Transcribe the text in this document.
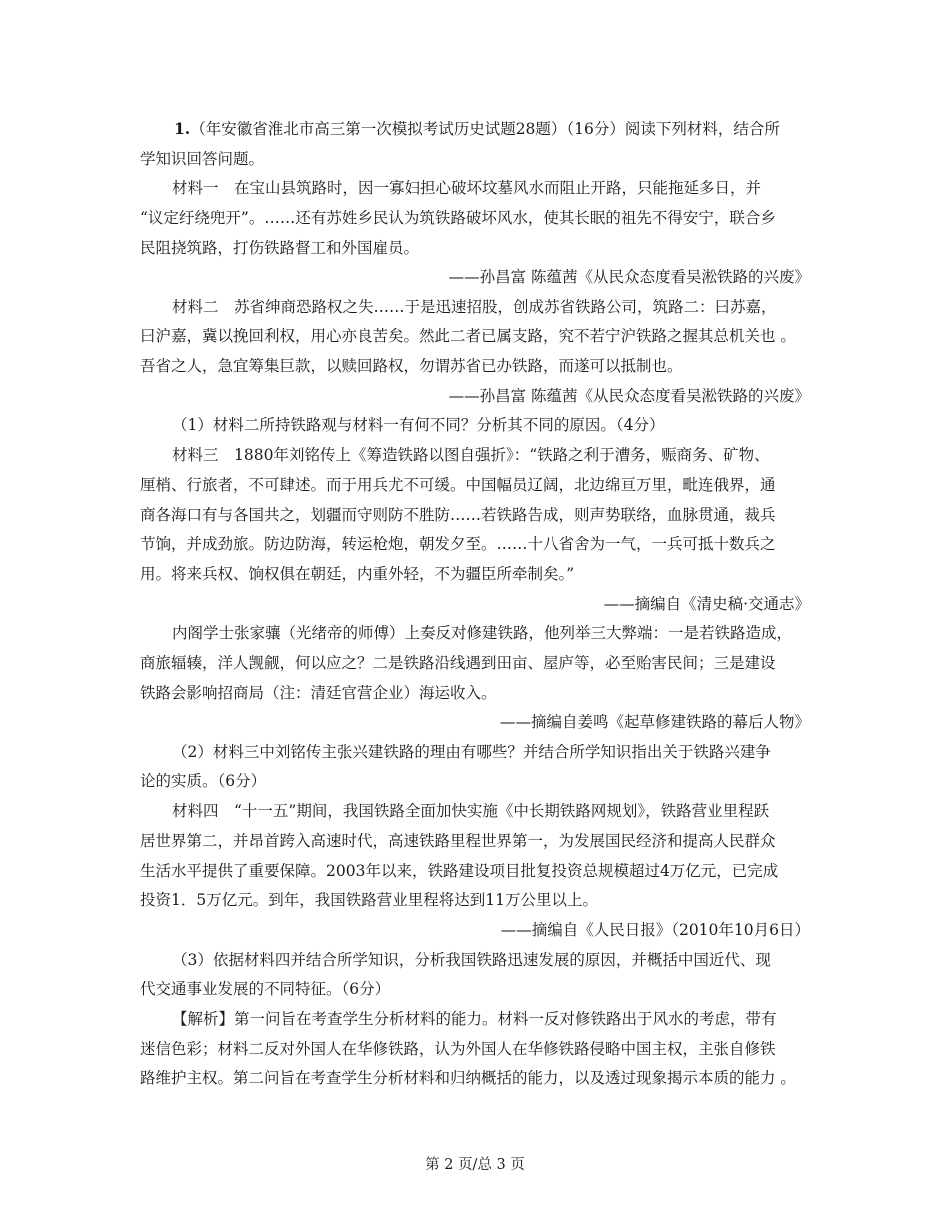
1.（年安徽省淮北市高三第一次模拟考试历史试题28题）（16分）阅读下列材料，结合所
学知识回答问题。
材料一　在宝山县筑路时，因一寡妇担心破坏坟墓风水而阻止开路，只能拖延多日，并
“议定纡绕兜开”。……还有苏姓乡民认为筑铁路破坏风水，使其长眠的祖先不得安宁，联合乡
民阻挠筑路，打伤铁路督工和外国雇员。
——孙昌富 陈蕴茜《从民众态度看吴淞铁路的兴废》
材料二　苏省绅商恐路权之失……于是迅速招股，创成苏省铁路公司，筑路二：曰苏嘉，
曰沪嘉，冀以挽回利权，用心亦良苦矣。然此二者已属支路，究不若宁沪铁路之握其总机关也 。
吾省之人，急宜筹集巨款，以赎回路权，勿谓苏省已办铁路，而遂可以抵制也。
——孙昌富 陈蕴茜《从民众态度看吴淞铁路的兴废》
（1）材料二所持铁路观与材料一有何不同？分析其不同的原因。（4分）
材料三　1880年刘铭传上《筹造铁路以图自强折》：“铁路之利于漕务，赈商务、矿物、
厘梢、行旅者，不可肆述。而于用兵尤不可缓。中国幅员辽阔，北边绵亘万里，毗连俄界，通
商各海口有与各国共之，划疆而守则防不胜防……若铁路告成，则声势联络，血脉贯通，裁兵
节饷，并成劲旅。防边防海，转运枪炮，朝发夕至。……十八省舍为一气，一兵可抵十数兵之
用。将来兵权、饷权俱在朝廷，内重外轻，不为疆臣所牵制矣。”
——摘编自《清史稿·交通志》
内阁学士张家骧（光绪帝的师傅）上奏反对修建铁路，他列举三大弊端：一是若铁路造成，
商旅辐辏，洋人觊觎，何以应之？二是铁路沿线遇到田亩、屋庐等，必至贻害民间；三是建设
铁路会影响招商局（注：清廷官营企业）海运收入。
——摘编自姜鸣《起草修建铁路的幕后人物》
（2）材料三中刘铭传主张兴建铁路的理由有哪些？并结合所学知识指出关于铁路兴建争
论的实质。（6分）
材料四　“十一五”期间，我国铁路全面加快实施《中长期铁路网规划》，铁路营业里程跃
居世界第二，并昂首跨入高速时代，高速铁路里程世界第一，为发展国民经济和提高人民群众
生活水平提供了重要保障。2003年以来，铁路建设项目批复投资总规模超过4万亿元，已完成
投资1．5万亿元。到年，我国铁路营业里程将达到11万公里以上。
——摘编自《人民日报》（2010年10月6日）
（3）依据材料四并结合所学知识，分析我国铁路迅速发展的原因，并概括中国近代、现
代交通事业发展的不同特征。（6分）
【解析】第一问旨在考查学生分析材料的能力。材料一反对修铁路出于风水的考虑，带有
迷信色彩；材料二反对外国人在华修铁路，认为外国人在华修铁路侵略中国主权，主张自修铁
路维护主权。第二问旨在考查学生分析材料和归纳概括的能力，以及透过现象揭示本质的能力 。
第 2 页/总 3 页
